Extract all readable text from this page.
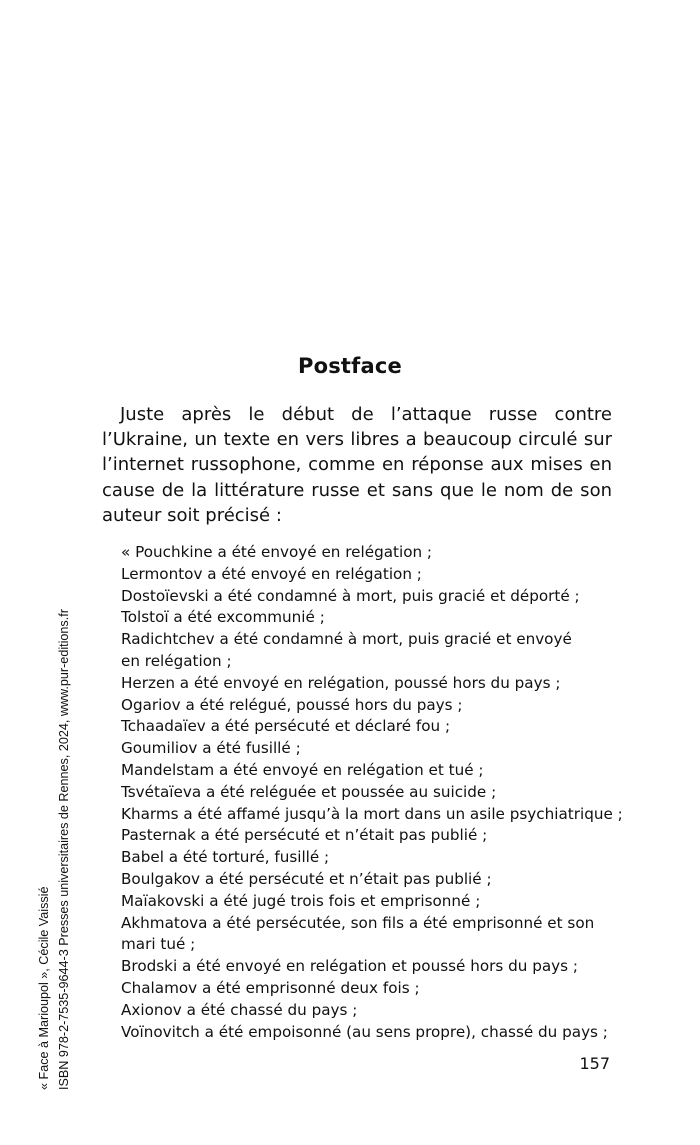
Postface

Juste après le début de l’attaque russe contre l’Ukraine, un texte en vers libres a beaucoup circulé sur l’internet russophone, comme en réponse aux mises en cause de la littérature russe et sans que le nom de son auteur soit précisé :

« Pouchkine a été envoyé en relégation ;
Lermontov a été envoyé en relégation ;
Dostoïevski a été condamné à mort, puis gracié et déporté ;
Tolstoï a été excommunié ;
Radichtchev a été condamné à mort, puis gracié et envoyé
en relégation ;
Herzen a été envoyé en relégation, poussé hors du pays ;
Ogariov a été relégué, poussé hors du pays ;
Tchaadaïev a été persécuté et déclaré fou ;
Goumiliov a été fusillé ;
Mandelstam a été envoyé en relégation et tué ;
Tsvétaïeva a été reléguée et poussée au suicide ;
Kharms a été affamé jusqu’à la mort dans un asile psychiatrique ;
Pasternak a été persécuté et n’était pas publié ;
Babel a été torturé, fusillé ;
Boulgakov a été persécuté et n’était pas publié ;
Maïakovski a été jugé trois fois et emprisonné ;
Akhmatova a été persécutée, son fils a été emprisonné et son
mari tué ;
Brodski a été envoyé en relégation et poussé hors du pays ;
Chalamov a été emprisonné deux fois ;
Axionov a été chassé du pays ;
Voïnovitch a été empoisonné (au sens propre), chassé du pays ;
157
« Face à Marioupol », Cécile Vaissié ISBN 978-2-7535-9644-3 Presses universitaires de Rennes, 2024, www.pur-editions.fr
